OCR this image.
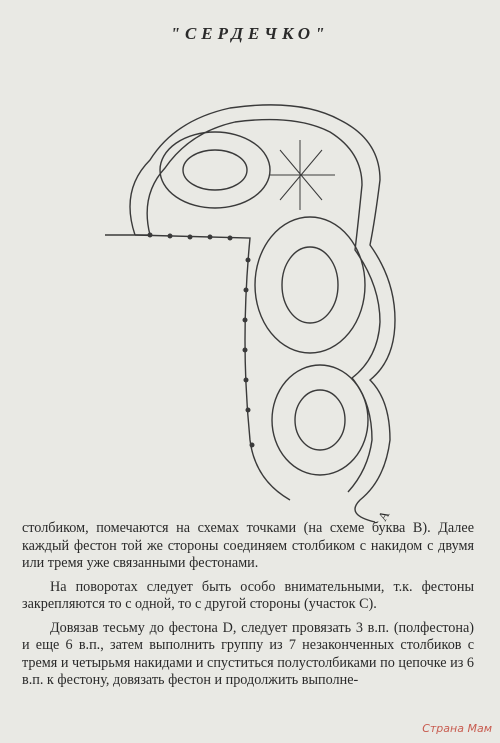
"СЕРДЕЧКО"
A

столбиком, помечаются на схемах точками (на схеме буква В). Далее каждый фестон той же стороны соединяем столбиком с накидом с двумя или тремя уже связанными фестонами.

На поворотах следует быть особо внимательными, т.к. фестоны закрепляются то с одной, то с другой стороны (участок С).

Довязав тесьму до фестона D, следует провязать 3 в.п. (полфестона) и еще 6 в.п., затем выполнить группу из 7 незаконченных столбиков с тремя и четырьмя накидами и спуститься полустолбиками по цепочке из 6 в.п. к фестону, довязать фестон и продолжить выполне-

Страна Мам
